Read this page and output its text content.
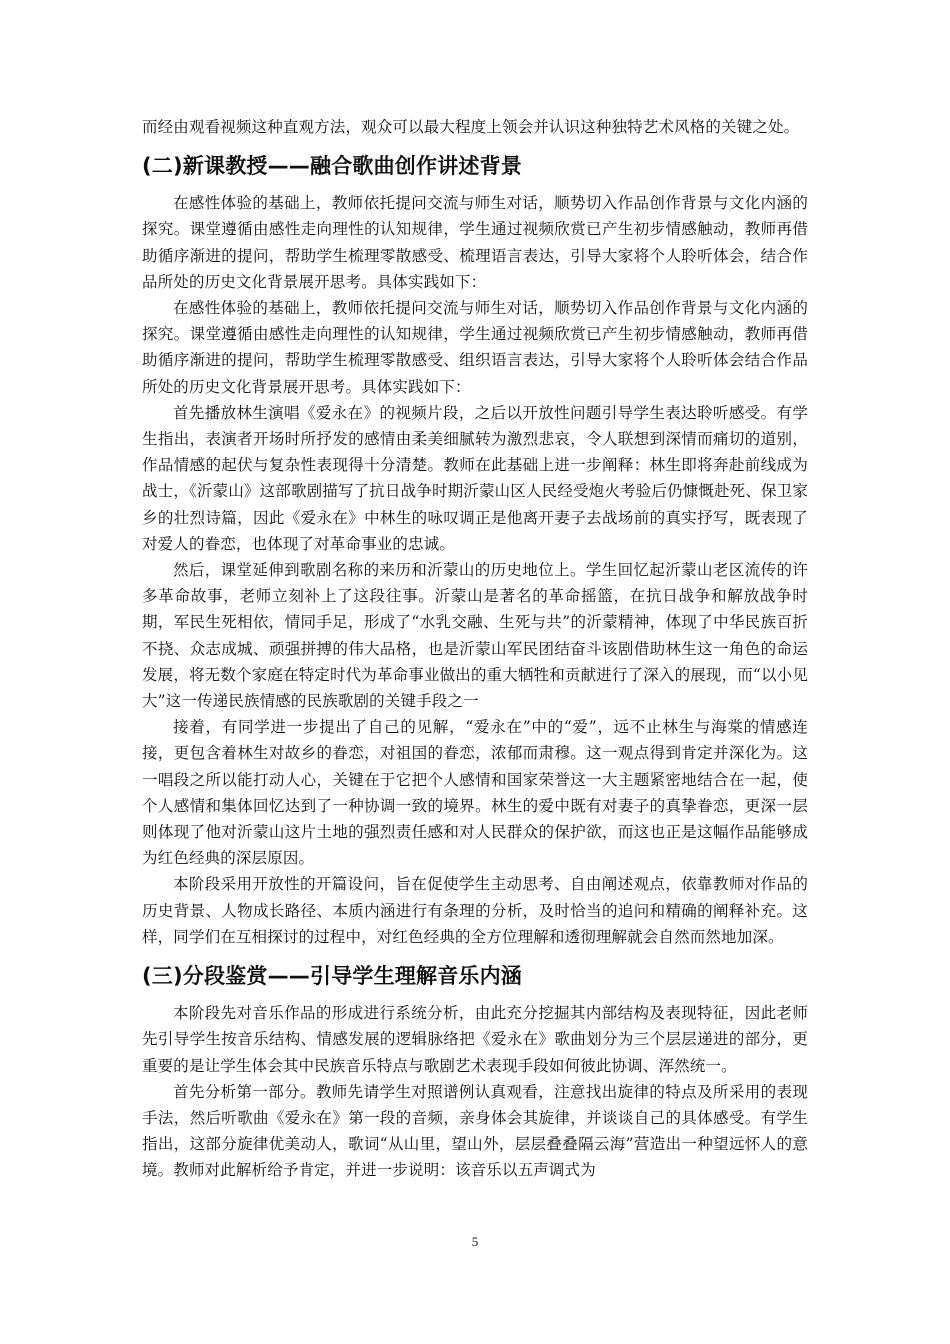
而经由观看视频这种直观方法，观众可以最大程度上领会并认识这种独特艺术风格的关键之处。

(二)新课教授——融合歌曲创作讲述背景

在感性体验的基础上，教师依托提问交流与师生对话，顺势切入作品创作背景与文化内涵的探究。课堂遵循由感性走向理性的认知规律，学生通过视频欣赏已产生初步情感触动，教师再借助循序渐进的提问，帮助学生梳理零散感受、梳理语言表达，引导大家将个人聆听体会，结合作品所处的历史文化背景展开思考。具体实践如下：

在感性体验的基础上，教师依托提问交流与师生对话，顺势切入作品创作背景与文化内涵的探究。课堂遵循由感性走向理性的认知规律，学生通过视频欣赏已产生初步情感触动，教师再借助循序渐进的提问，帮助学生梳理零散感受、组织语言表达，引导大家将个人聆听体会结合作品所处的历史文化背景展开思考。具体实践如下：

首先播放林生演唱《爱永在》的视频片段，之后以开放性问题引导学生表达聆听感受。有学生指出，表演者开场时所抒发的感情由柔美细腻转为激烈悲哀，令人联想到深情而痛切的道别，作品情感的起伏与复杂性表现得十分清楚。教师在此基础上进一步阐释：林生即将奔赴前线成为战士，《沂蒙山》这部歌剧描写了抗日战争时期沂蒙山区人民经受炮火考验后仍慷慨赴死、保卫家乡的壮烈诗篇，因此《爱永在》中林生的咏叹调正是他离开妻子去战场前的真实抒写，既表现了对爱人的眷恋，也体现了对革命事业的忠诚。

然后，课堂延伸到歌剧名称的来历和沂蒙山的历史地位上。学生回忆起沂蒙山老区流传的许多革命故事，老师立刻补上了这段往事。沂蒙山是著名的革命摇篮，在抗日战争和解放战争时期，军民生死相依，情同手足，形成了“水乳交融、生死与共”的沂蒙精神，体现了中华民族百折不挠、众志成城、顽强拼搏的伟大品格，也是沂蒙山军民团结奋斗该剧借助林生这一角色的命运发展，将无数个家庭在特定时代为革命事业做出的重大牺牲和贡献进行了深入的展现，而“以小见大”这一传递民族情感的民族歌剧的关键手段之一

接着，有同学进一步提出了自己的见解，“爱永在”中的“爱”，远不止林生与海棠的情感连接，更包含着林生对故乡的眷恋，对祖国的眷恋，浓郁而肃穆。这一观点得到肯定并深化为。这一唱段之所以能打动人心，关键在于它把个人感情和国家荣誉这一大主题紧密地结合在一起，使个人感情和集体回忆达到了一种协调一致的境界。林生的爱中既有对妻子的真挚眷恋，更深一层则体现了他对沂蒙山这片土地的强烈责任感和对人民群众的保护欲，而这也正是这幅作品能够成为红色经典的深层原因。

本阶段采用开放性的开篇设问，旨在促使学生主动思考、自由阐述观点，依靠教师对作品的历史背景、人物成长路径、本质内涵进行有条理的分析，及时恰当的追问和精确的阐释补充。这样，同学们在互相探讨的过程中，对红色经典的全方位理解和透彻理解就会自然而然地加深。

(三)分段鉴赏——引导学生理解音乐内涵

本阶段先对音乐作品的形成进行系统分析，由此充分挖掘其内部结构及表现特征，因此老师先引导学生按音乐结构、情感发展的逻辑脉络把《爱永在》歌曲划分为三个层层递进的部分，更重要的是让学生体会其中民族音乐特点与歌剧艺术表现手段如何彼此协调、浑然统一。

首先分析第一部分。教师先请学生对照谱例认真观看，注意找出旋律的特点及所采用的表现手法，然后听歌曲《爱永在》第一段的音频，亲身体会其旋律，并谈谈自己的具体感受。有学生指出，这部分旋律优美动人，歌词“从山里，望山外，层层叠叠隔云海”营造出一种望远怀人的意境。教师对此解析给予肯定，并进一步说明：该音乐以五声调式为

5
